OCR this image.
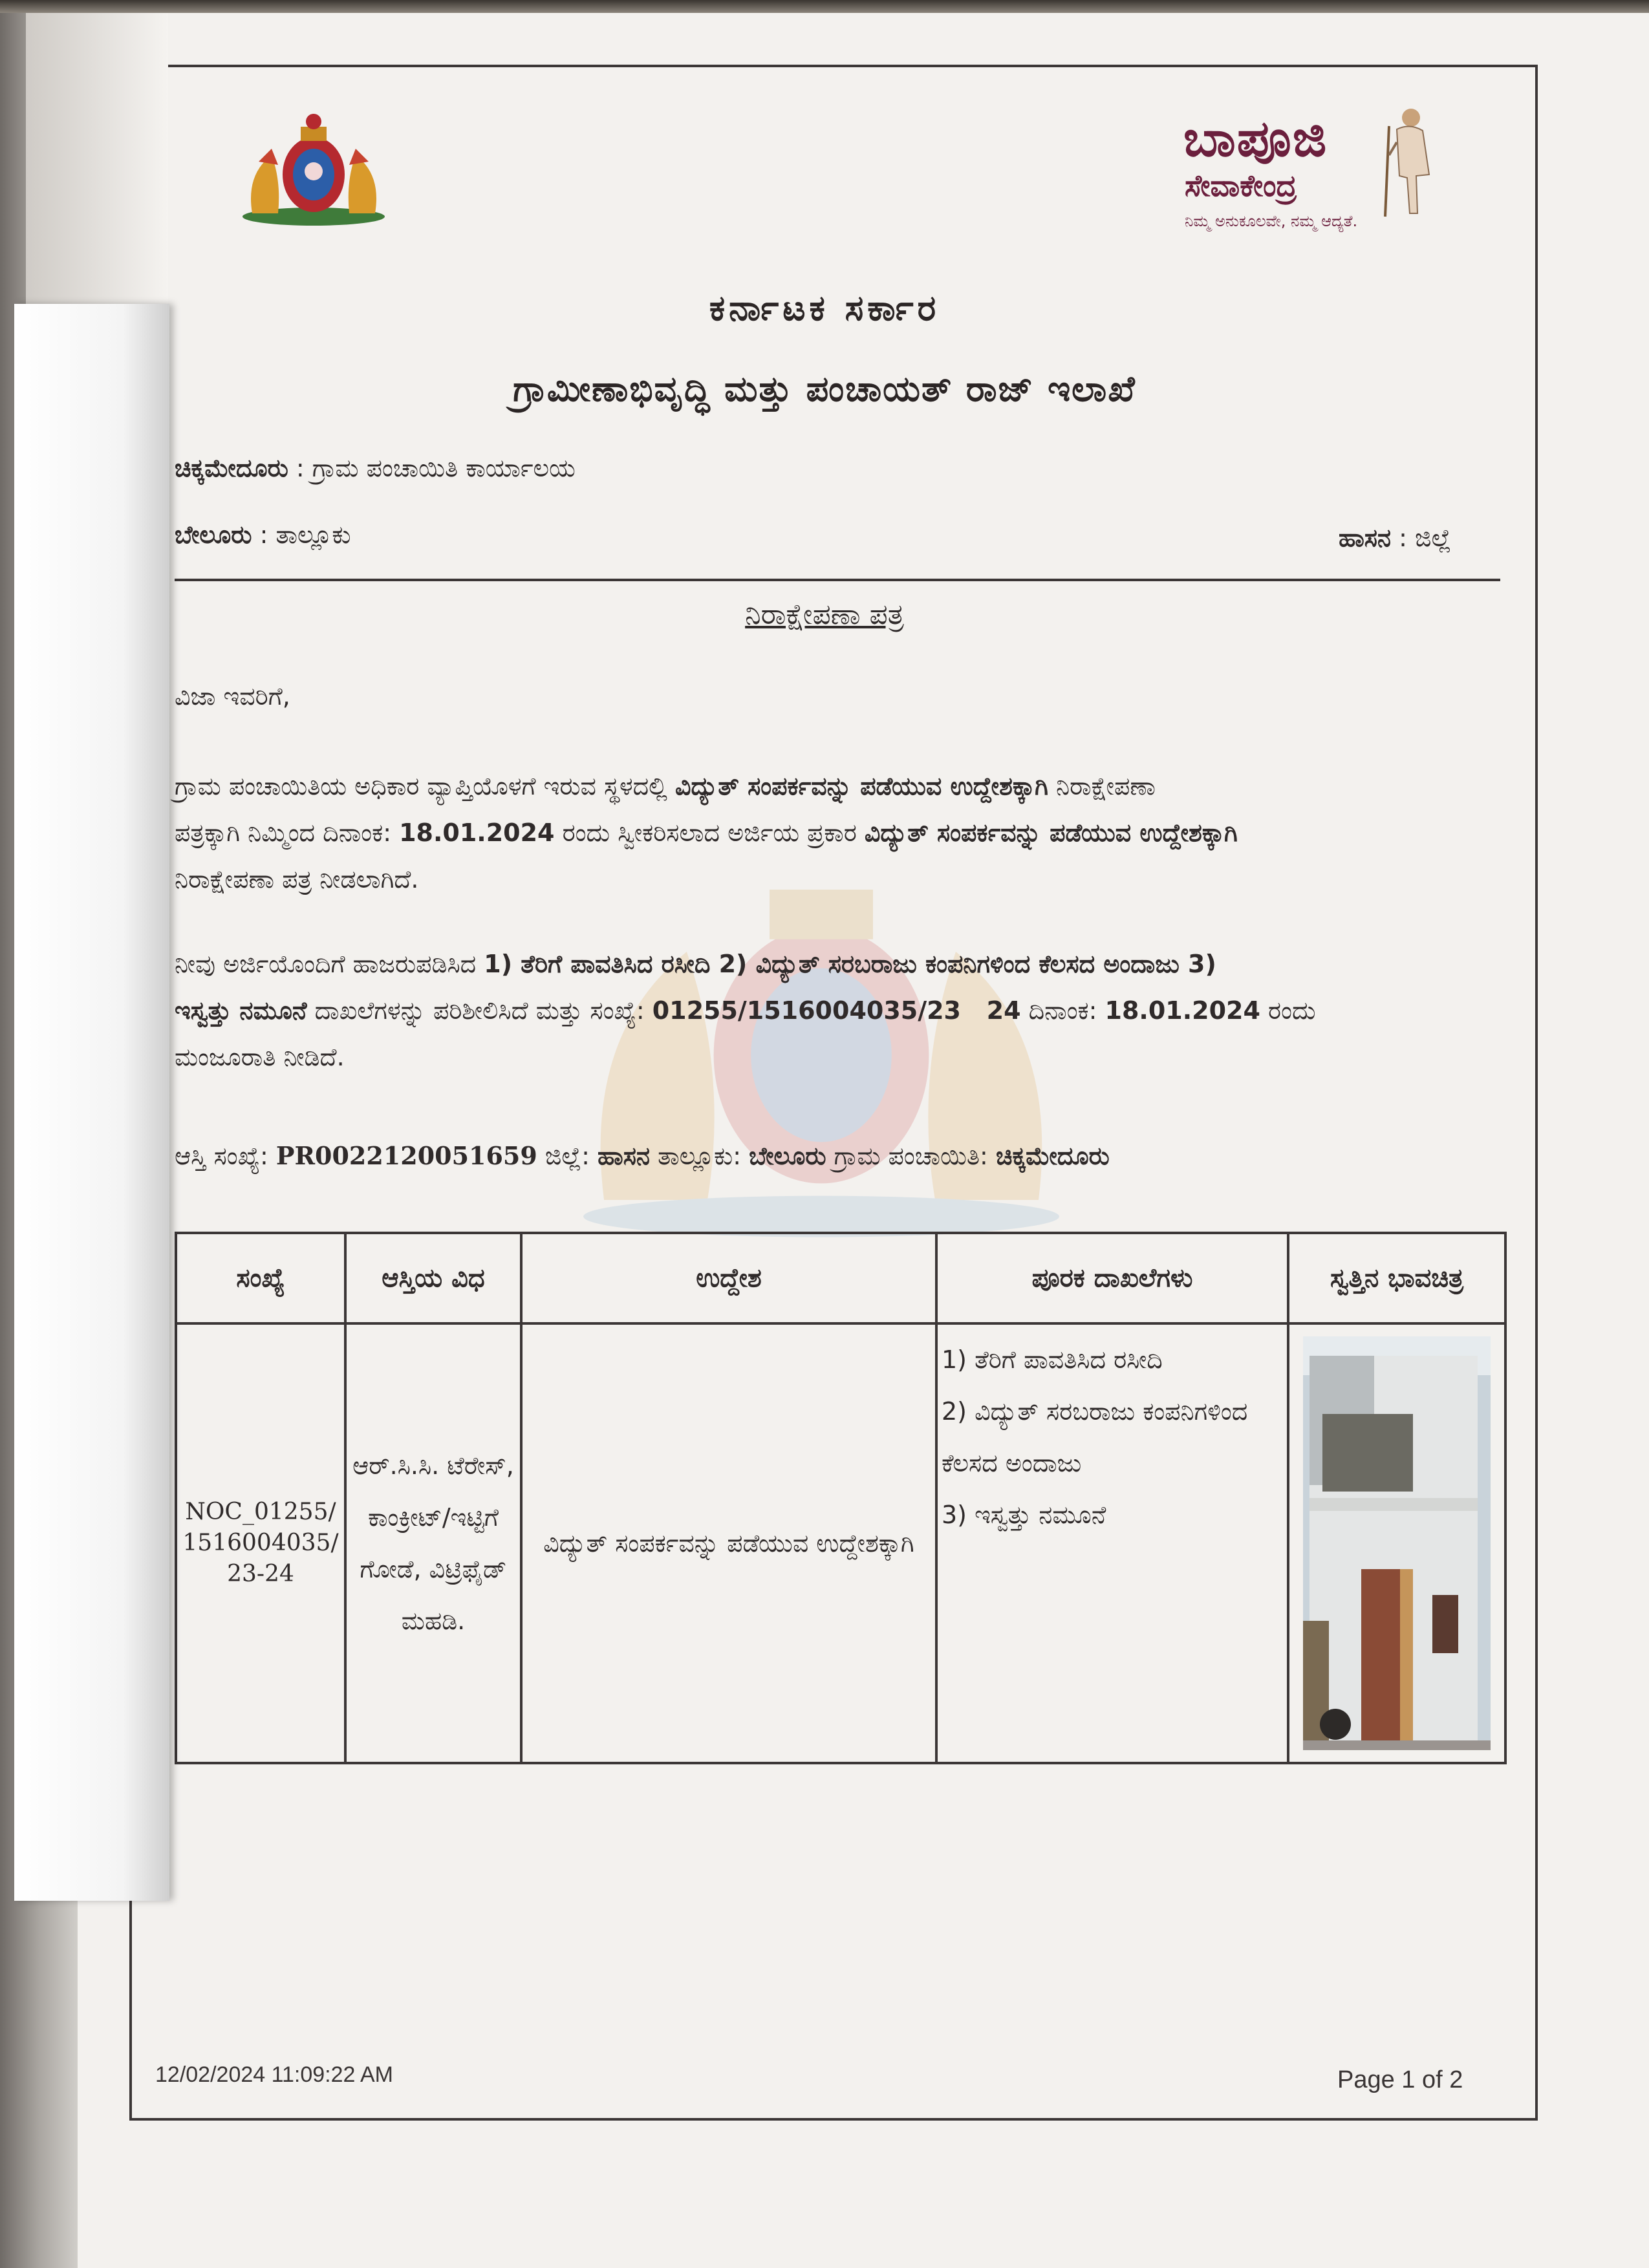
ಬಾಪೂಜಿ
ಸೇವಾಕೇಂದ್ರ
ನಿಮ್ಮ ಅನುಕೂಲವೇ, ನಮ್ಮ ಆದ್ಯತೆ.
ಕರ್ನಾಟಕ ಸರ್ಕಾರ
ಗ್ರಾಮೀಣಾಭಿವೃದ್ಧಿ ಮತ್ತು ಪಂಚಾಯತ್ ರಾಜ್ ಇಲಾಖೆ
ಚಿಕ್ಕಮೇದೂರು : ಗ್ರಾಮ ಪಂಚಾಯಿತಿ ಕಾರ್ಯಾಲಯ
ಬೇಲೂರು : ತಾಲ್ಲೂಕು	ಹಾಸನ : ಜಿಲ್ಲೆ
ನಿರಾಕ್ಷೇಪಣಾ ಪತ್ರ
ವಿಜಾ ಇವರಿಗೆ,
ಗ್ರಾಮ ಪಂಚಾಯಿತಿಯ ಅಧಿಕಾರ ವ್ಯಾಪ್ತಿಯೊಳಗೆ ಇರುವ ಸ್ಥಳದಲ್ಲಿ ವಿದ್ಯುತ್ ಸಂಪರ್ಕವನ್ನು ಪಡೆಯುವ ಉದ್ದೇಶಕ್ಕಾಗಿ ನಿರಾಕ್ಷೇಪಣಾ
ಪತ್ರಕ್ಕಾಗಿ ನಿಮ್ಮಿಂದ ದಿನಾಂಕ: 18.01.2024 ರಂದು ಸ್ವೀಕರಿಸಲಾದ ಅರ್ಜಿಯ ಪ್ರಕಾರ ವಿದ್ಯುತ್ ಸಂಪರ್ಕವನ್ನು ಪಡೆಯುವ ಉದ್ದೇಶಕ್ಕಾಗಿ
ನಿರಾಕ್ಷೇಪಣಾ ಪತ್ರ ನೀಡಲಾಗಿದೆ.
ನೀವು ಅರ್ಜಿಯೊಂದಿಗೆ ಹಾಜರುಪಡಿಸಿದ 1) ತೆರಿಗೆ ಪಾವತಿಸಿದ ರಸೀದಿ 2) ವಿದ್ಯುತ್ ಸರಬರಾಜು ಕಂಪನಿಗಳಿಂದ ಕೆಲಸದ ಅಂದಾಜು 3)
ಇಸ್ವತ್ತು ನಮೂನೆ ದಾಖಲೆಗಳನ್ನು ಪರಿಶೀಲಿಸಿದೆ ಮತ್ತು ಸಂಖ್ಯೆ: 01255/1516004035/23   24 ದಿನಾಂಕ: 18.01.2024 ರಂದು
ಮಂಜೂರಾತಿ ನೀಡಿದೆ.
ಆಸ್ತಿ ಸಂಖ್ಯೆ: PR0022120051659 ಜಿಲ್ಲೆ: ಹಾಸನ ತಾಲ್ಲೂಕು: ಬೇಲೂರು ಗ್ರಾಮ ಪಂಚಾಯಿತಿ: ಚಿಕ್ಕಮೇದೂರು
ಸಂಖ್ಯೆ	ಆಸ್ತಿಯ ವಿಧ	ಉದ್ದೇಶ	ಪೂರಕ ದಾಖಲೆಗಳು	ಸ್ವತ್ತಿನ ಭಾವಚಿತ್ರ
NOC_01255/1516004035/23-24	ಆರ್.ಸಿ.ಸಿ. ಟೆರೇಸ್, ಕಾಂಕ್ರೀಟ್/ಇಟ್ಟಿಗೆ ಗೋಡೆ, ವಿಟ್ರಿಫೈಡ್ ಮಹಡಿ.	ವಿದ್ಯುತ್ ಸಂಪರ್ಕವನ್ನು ಪಡೆಯುವ ಉದ್ದೇಶಕ್ಕಾಗಿ	1) ತೆರಿಗೆ ಪಾವತಿಸಿದ ರಸೀದಿ
2) ವಿದ್ಯುತ್ ಸರಬರಾಜು ಕಂಪನಿಗಳಿಂದ ಕೆಲಸದ ಅಂದಾಜು
3) ಇಸ್ವತ್ತು ನಮೂನೆ

12/02/2024 11:09:22 AM	Page 1 of 2
